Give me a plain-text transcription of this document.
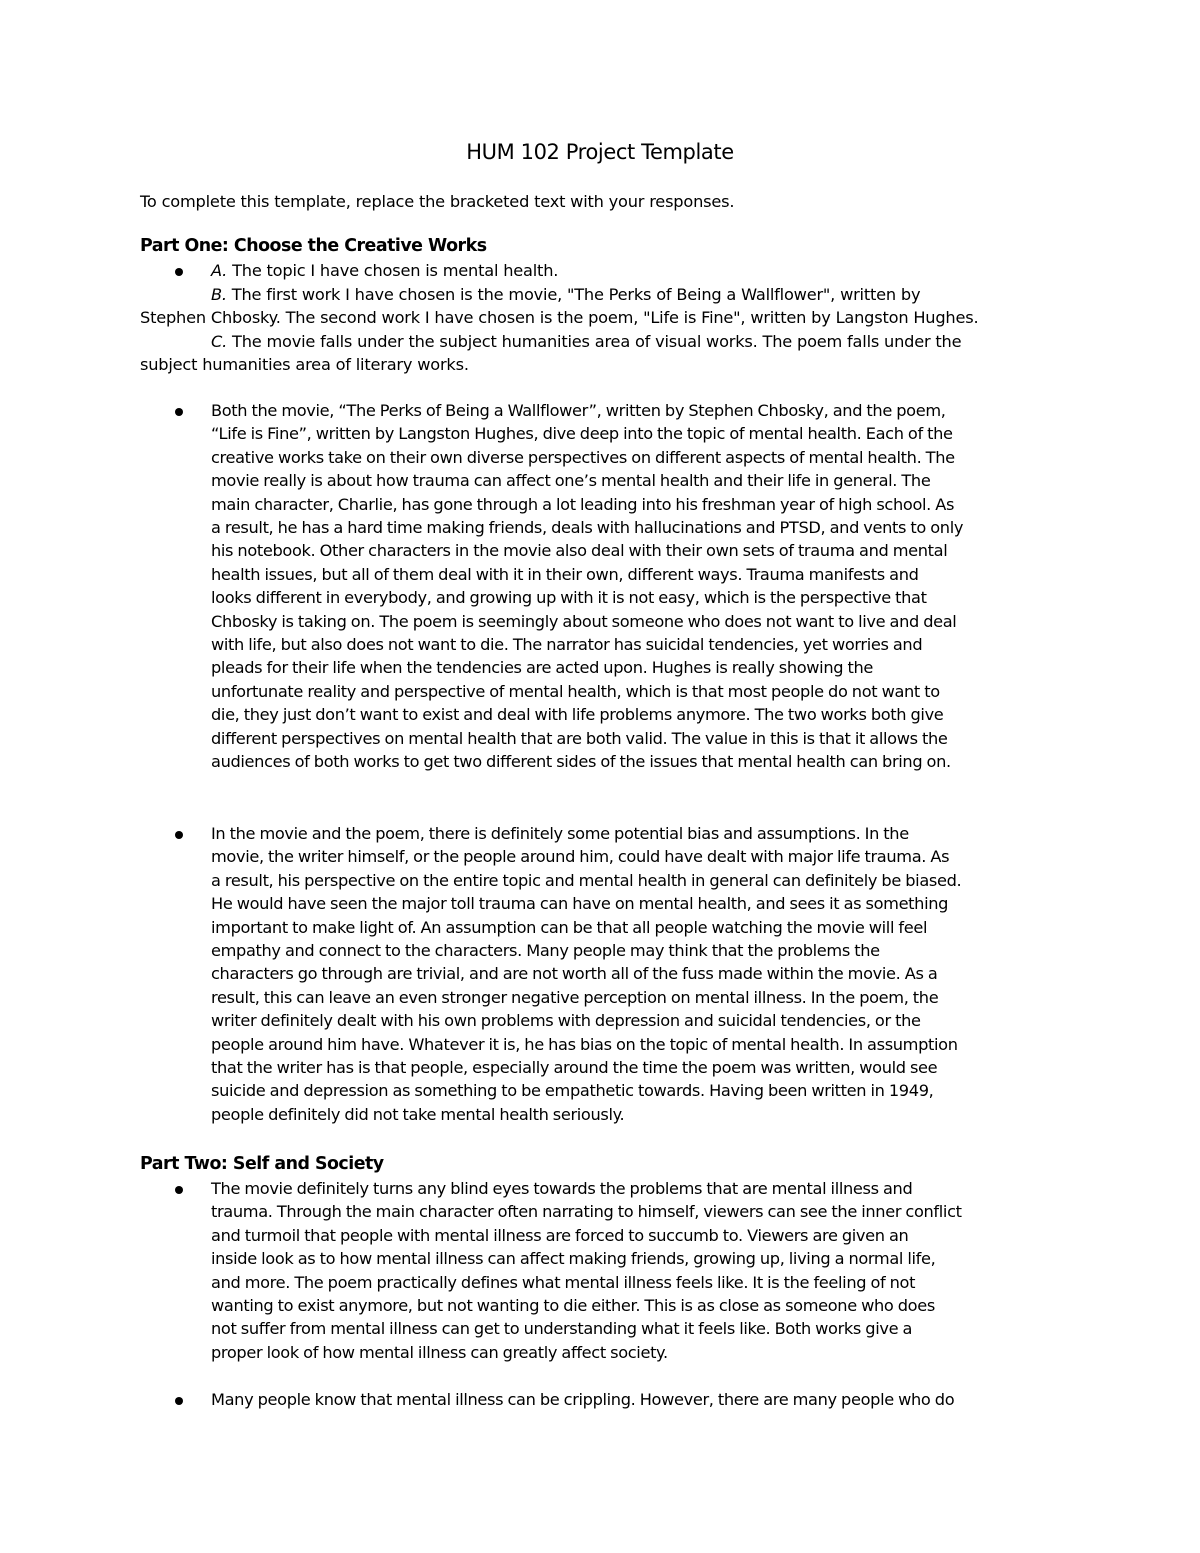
HUM 102 Project Template
To complete this template, replace the bracketed text with your responses.
Part One: Choose the Creative Works
A. The topic I have chosen is mental health.
B. The first work I have chosen is the movie, "The Perks of Being a Wallflower", written by
Stephen Chbosky. The second work I have chosen is the poem, "Life is Fine", written by Langston Hughes.
C. The movie falls under the subject humanities area of visual works. The poem falls under the
subject humanities area of literary works.
Both the movie, “The Perks of Being a Wallflower”, written by Stephen Chbosky, and the poem,
“Life is Fine”, written by Langston Hughes, dive deep into the topic of mental health. Each of the
creative works take on their own diverse perspectives on different aspects of mental health. The
movie really is about how trauma can affect one’s mental health and their life in general. The
main character, Charlie, has gone through a lot leading into his freshman year of high school. As
a result, he has a hard time making friends, deals with hallucinations and PTSD, and vents to only
his notebook. Other characters in the movie also deal with their own sets of trauma and mental
health issues, but all of them deal with it in their own, different ways. Trauma manifests and
looks different in everybody, and growing up with it is not easy, which is the perspective that
Chbosky is taking on. The poem is seemingly about someone who does not want to live and deal
with life, but also does not want to die. The narrator has suicidal tendencies, yet worries and
pleads for their life when the tendencies are acted upon. Hughes is really showing the
unfortunate reality and perspective of mental health, which is that most people do not want to
die, they just don’t want to exist and deal with life problems anymore. The two works both give
different perspectives on mental health that are both valid. The value in this is that it allows the
audiences of both works to get two different sides of the issues that mental health can bring on.
In the movie and the poem, there is definitely some potential bias and assumptions. In the
movie, the writer himself, or the people around him, could have dealt with major life trauma. As
a result, his perspective on the entire topic and mental health in general can definitely be biased.
He would have seen the major toll trauma can have on mental health, and sees it as something
important to make light of. An assumption can be that all people watching the movie will feel
empathy and connect to the characters. Many people may think that the problems the
characters go through are trivial, and are not worth all of the fuss made within the movie. As a
result, this can leave an even stronger negative perception on mental illness. In the poem, the
writer definitely dealt with his own problems with depression and suicidal tendencies, or the
people around him have. Whatever it is, he has bias on the topic of mental health. In assumption
that the writer has is that people, especially around the time the poem was written, would see
suicide and depression as something to be empathetic towards. Having been written in 1949,
people definitely did not take mental health seriously.
Part Two: Self and Society
The movie definitely turns any blind eyes towards the problems that are mental illness and
trauma. Through the main character often narrating to himself, viewers can see the inner conflict
and turmoil that people with mental illness are forced to succumb to. Viewers are given an
inside look as to how mental illness can affect making friends, growing up, living a normal life,
and more. The poem practically defines what mental illness feels like. It is the feeling of not
wanting to exist anymore, but not wanting to die either. This is as close as someone who does
not suffer from mental illness can get to understanding what it feels like. Both works give a
proper look of how mental illness can greatly affect society.
Many people know that mental illness can be crippling. However, there are many people who do
